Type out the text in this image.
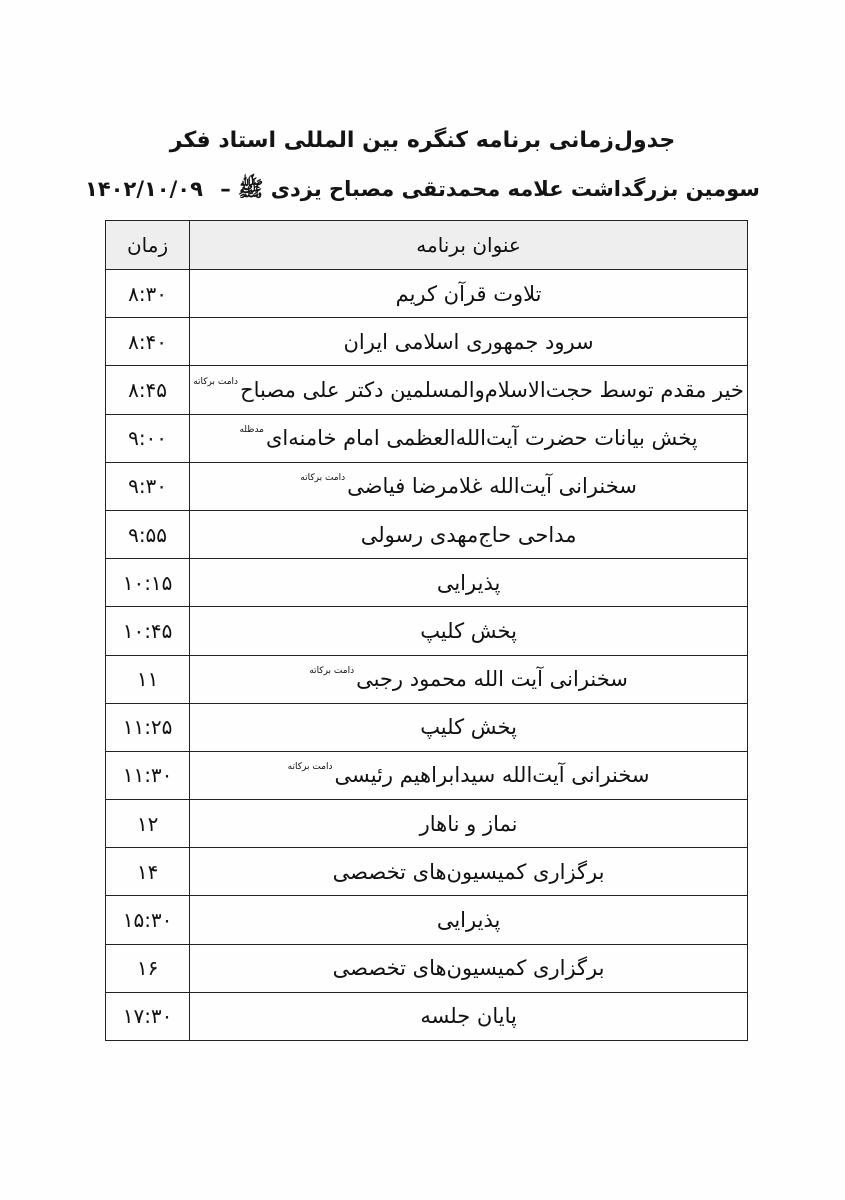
جدول‌زمانی برنامه کنگره بین المللی استاد فکر
سومین بزرگداشت علامه محمدتقی مصباح یزدی ﷺ – ۱۴۰۲/۱۰/۰۹
عنوان برنامه	زمان
تلاوت قرآن کریم	۸:۳۰
سرود جمهوری اسلامی ایران	۸:۴۰
خیر مقدم توسط حجت‌الاسلام‌والمسلمین دکتر علی مصباحدامت برکاته	۸:۴۵
پخش بیانات حضرت آیت‌الله‌العظمی امام خامنه‌ایمدظله	۹:۰۰
سخنرانی آیت‌الله غلامرضا فیاضیدامت برکاته	۹:۳۰
مداحی حاج‌مهدی رسولی	۹:۵۵
پذیرایی	۱۰:۱۵
پخش کلیپ	۱۰:۴۵
سخنرانی آیت الله محمود رجبیدامت برکاته	۱۱
پخش کلیپ	۱۱:۲۵
سخنرانی آیت‌الله سیدابراهیم رئیسیدامت برکاته	۱۱:۳۰
نماز و ناهار	۱۲
برگزاری کمیسیون‌های تخصصی	۱۴
پذیرایی	۱۵:۳۰
برگزاری کمیسیون‌های تخصصی	۱۶
پایان جلسه	۱۷:۳۰
